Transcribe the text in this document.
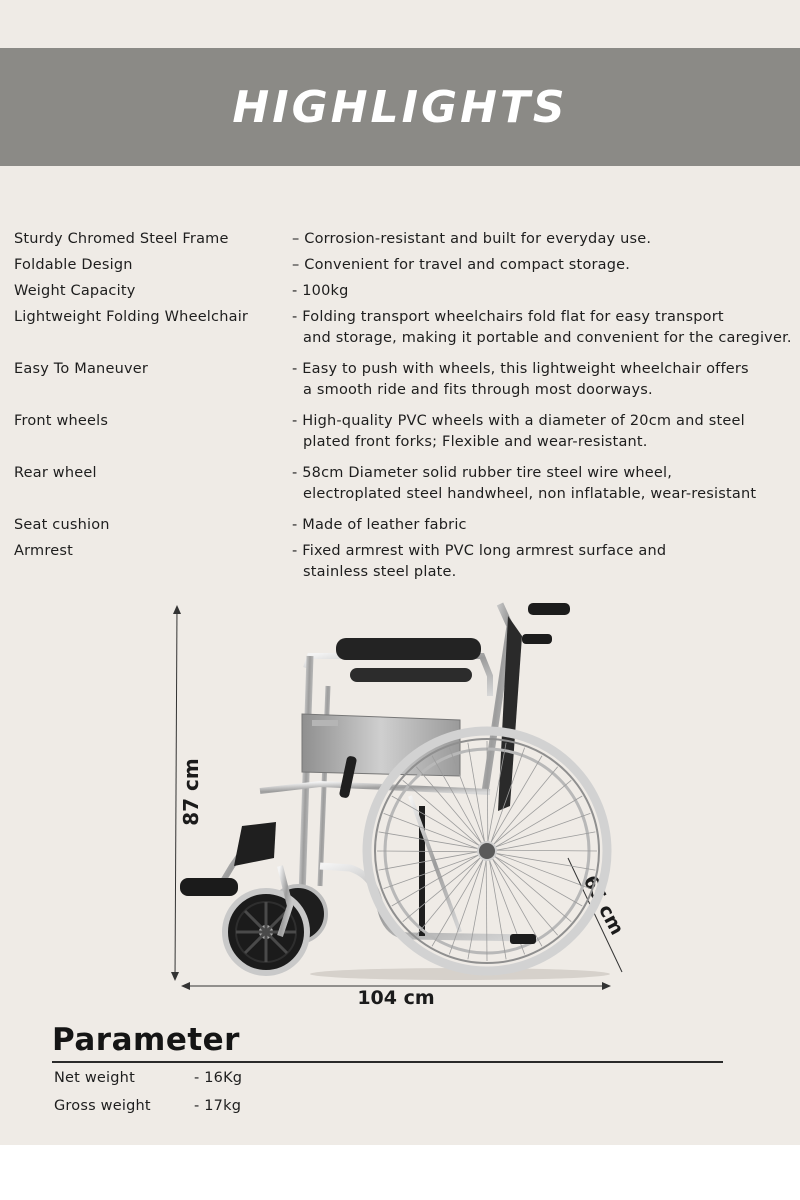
HIGHLIGHTS
Sturdy Chromed Steel Frame	– Corrosion-resistant and built for everyday use.
Foldable Design	– Convenient for travel and compact storage.
Weight Capacity	- 100kg
Lightweight Folding Wheelchair	- Folding transport wheelchairs fold flat for easy transport
and storage, making it portable and convenient for the caregiver.
Easy To Maneuver	- Easy to push with wheels, this lightweight wheelchair offers
a smooth ride and fits through most doorways.
Front wheels	- High-quality PVC wheels with a diameter of 20cm and steel
plated front forks; Flexible and wear-resistant.
Rear wheel	- 58cm Diameter solid rubber tire steel wire wheel,
electroplated steel handwheel, non inflatable, wear-resistant
Seat cushion	- Made of leather fabric
Armrest	- Fixed armrest with PVC long armrest surface and
stainless steel plate.
87 cm
104 cm
65 cm
Parameter
Net weight	- 16Kg
Gross weight	- 17kg
